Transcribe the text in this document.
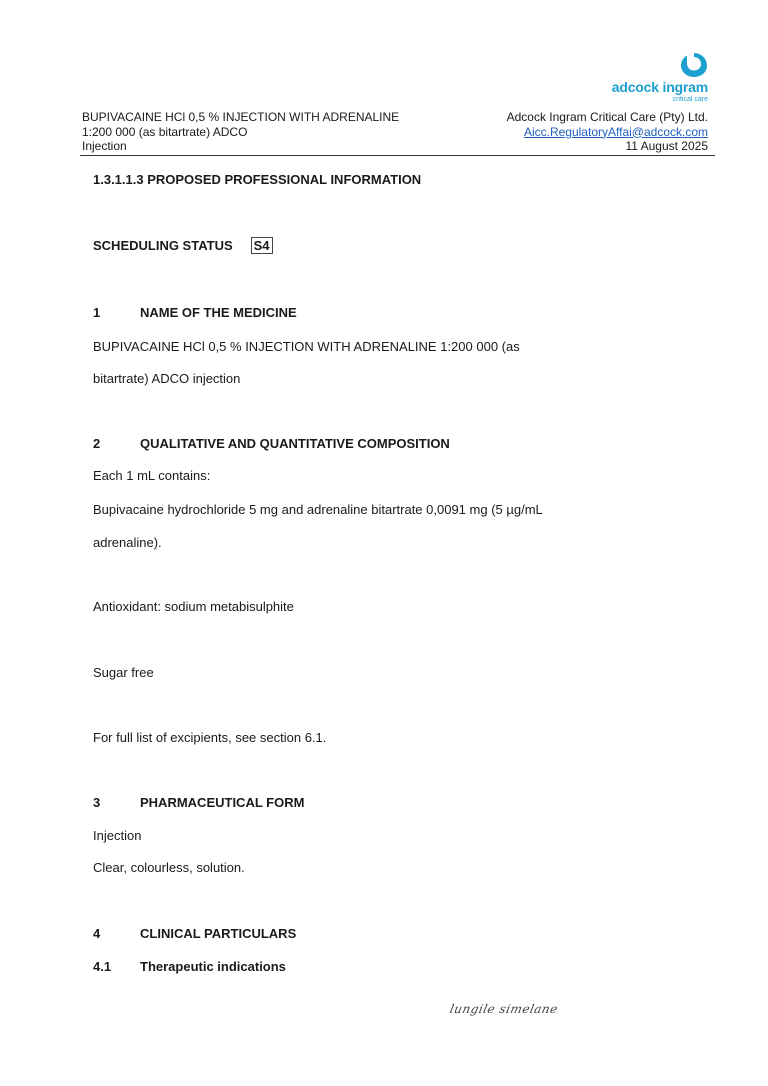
adcock ingram
critical care
BUPIVACAINE HCl 0,5 % INJECTION WITH ADRENALINE
1:200 000 (as bitartrate) ADCO
Injection
Adcock Ingram Critical Care (Pty) Ltd.
Aicc.RegulatoryAffai@adcock.com
11 August 2025
1.3.1.1.3 PROPOSED PROFESSIONAL INFORMATION
SCHEDULING STATUS S4
1	NAME OF THE MEDICINE
BUPIVACAINE HCl 0,5 % INJECTION WITH ADRENALINE 1:200 000 (as
bitartrate) ADCO injection
2	QUALITATIVE AND QUANTITATIVE COMPOSITION
Each 1 mL contains:
Bupivacaine hydrochloride 5 mg and adrenaline bitartrate 0,0091 mg (5 µg/mL
adrenaline).
Antioxidant: sodium metabisulphite
Sugar free
For full list of excipients, see section 6.1.
3	PHARMACEUTICAL FORM
Injection
Clear, colourless, solution.
4	CLINICAL PARTICULARS
4.1 Therapeutic indications
lungile simelane
